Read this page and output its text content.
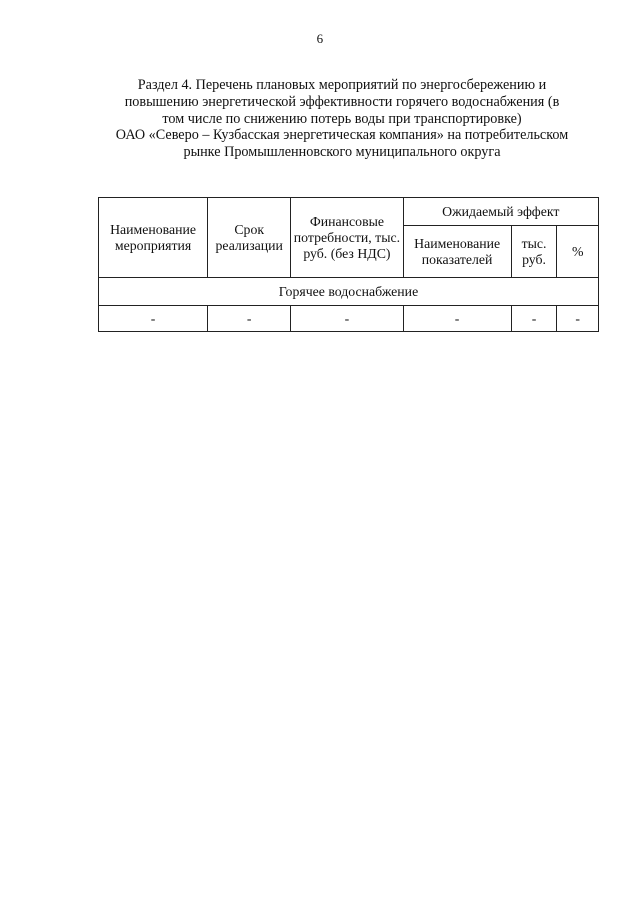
6
Раздел 4. Перечень плановых мероприятий по энергосбережению и
повышению энергетической эффективности горячего водоснабжения (в
том числе по снижению потерь воды при транспортировке)
ОАО «Северо – Кузбасская энергетическая компания» на потребительском
рынке Промышленновского муниципального округа
Наименование мероприятия	Срок реализации	Финансовые потребности, тыс. руб. (без НДС)	Ожидаемый эффект		
			Наименование показателей	тыс. руб.	%
Горячее водоснабжение					
-	-	-	-	-	-
